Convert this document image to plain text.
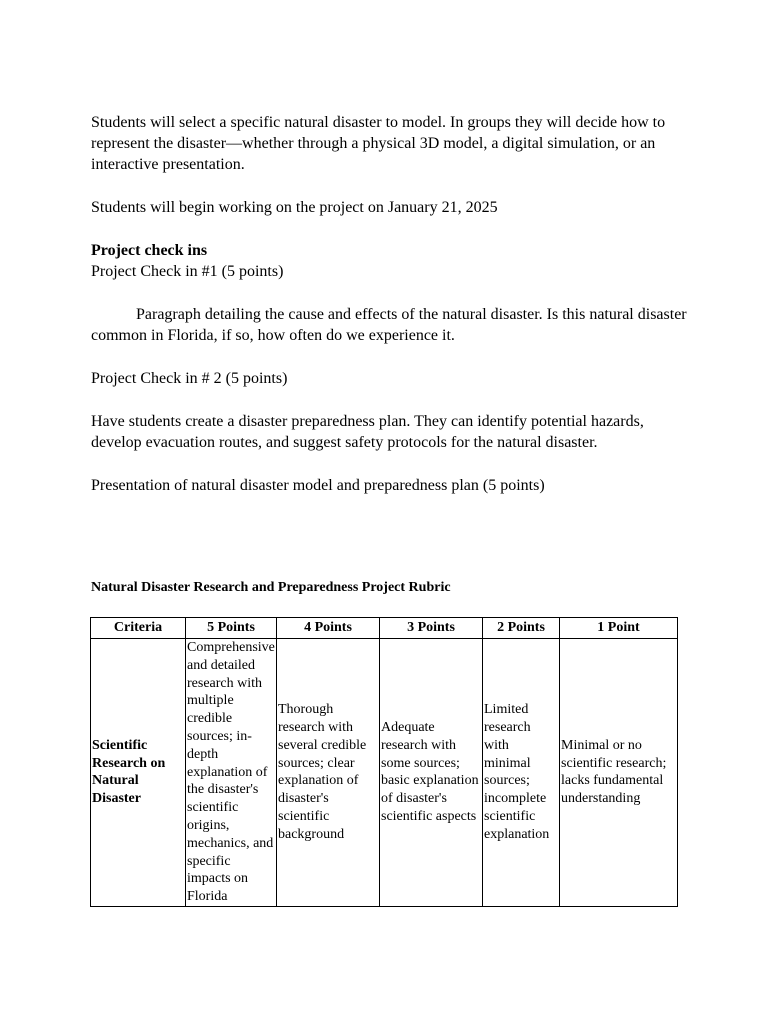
Students will select a specific natural disaster to model. In groups they will decide how to represent the disaster—whether through a physical 3D model, a digital simulation, or an interactive presentation.

Students will begin working on the project on January 21, 2025

Project check ins

Project Check in #1 (5 points)

Paragraph detailing the cause and effects of the natural disaster. Is this natural disaster common in Florida, if so, how often do we experience it.

Project Check in # 2 (5 points)

Have students create a disaster preparedness plan. They can identify potential hazards, develop evacuation routes, and suggest safety protocols for the natural disaster.

Presentation of natural disaster model and preparedness plan (5 points)

Natural Disaster Research and Preparedness Project Rubric

Criteria	5 Points	4 Points	3 Points	2 Points	1 Point
Scientific Research on Natural Disaster	Comprehensive and detailed research with multiple credible sources; in-depth explanation of the disaster's scientific origins, mechanics, and specific impacts on Florida	Thorough research with several credible sources; clear explanation of disaster's scientific background	Adequate research with some sources; basic explanation of disaster's scientific aspects	Limited research with minimal sources; incomplete scientific explanation	Minimal or no scientific research; lacks fundamental understanding
